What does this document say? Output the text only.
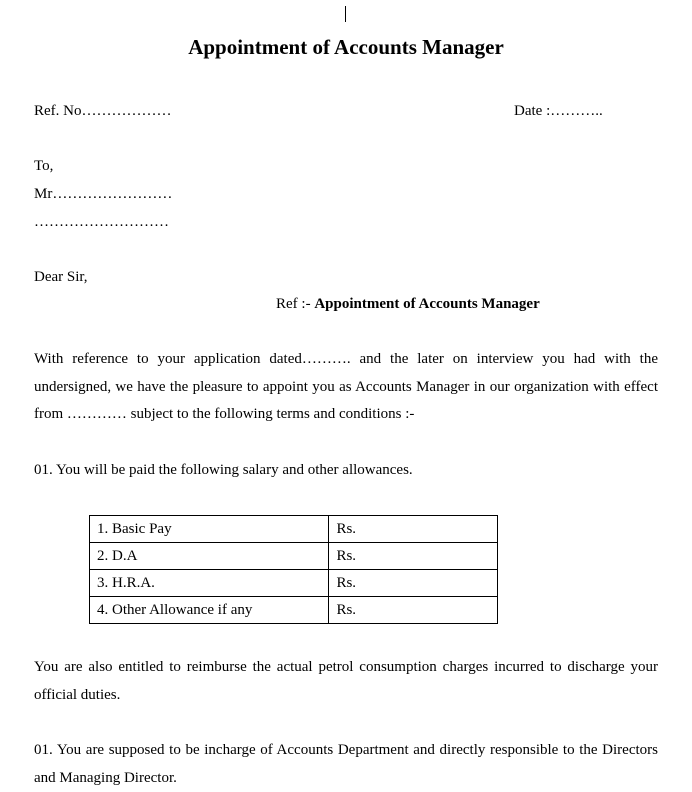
Appointment of Accounts Manager
Ref. No………………	Date :………..
To,
Mr……………………
………………………
Dear Sir,
Ref :- Appointment of Accounts Manager
With reference to your application dated………. and the later on interview you had with the undersigned, we have the pleasure to appoint you as Accounts Manager in our organization with effect from ………… subject to the following terms and conditions :-
01. You will be paid the following salary and other allowances.
1. Basic Pay	Rs.
2. D.A	Rs.
3. H.R.A.	Rs.
4. Other Allowance if any	Rs.
You are also entitled to reimburse the actual petrol consumption charges incurred to discharge your official duties.
01. You are supposed to be incharge of Accounts Department and directly responsible to the Directors and Managing Director.
